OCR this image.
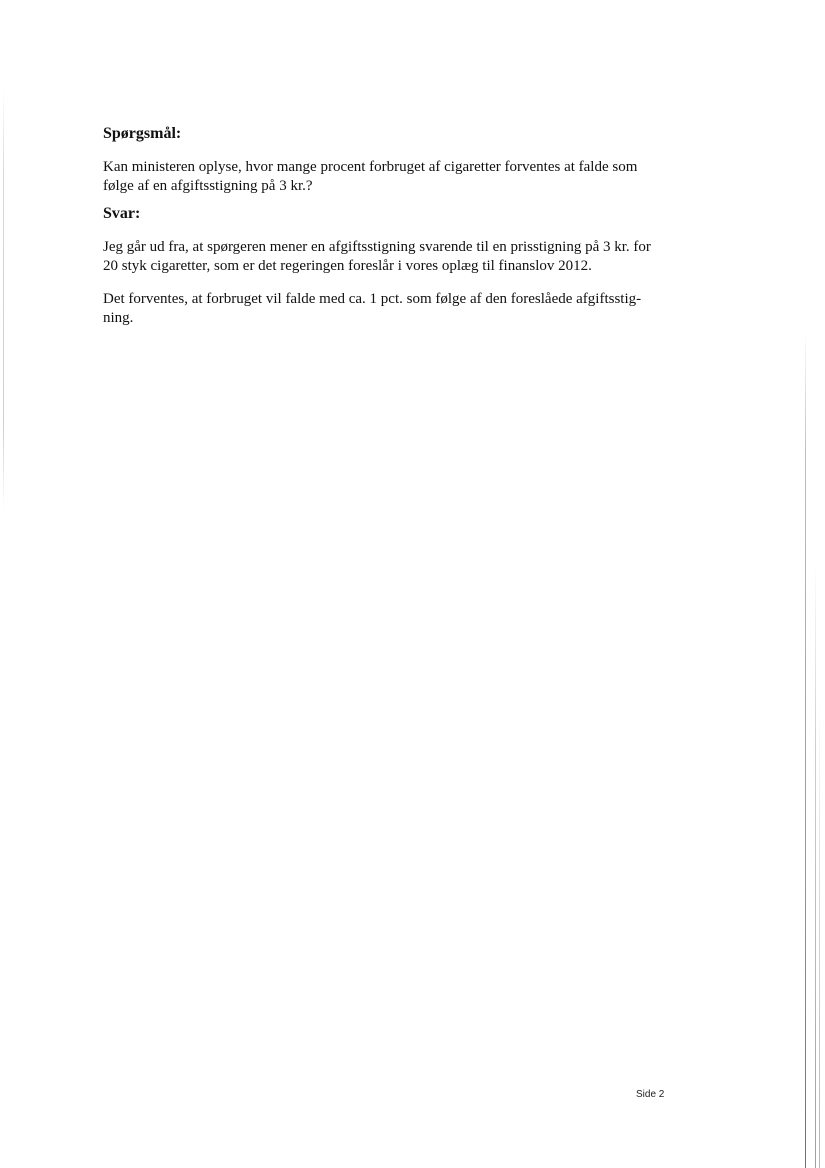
Spørgsmål:

Kan ministeren oplyse, hvor mange procent forbruget af cigaretter forventes at falde som
følge af en afgiftsstigning på 3 kr.?

Svar:

Jeg går ud fra, at spørgeren mener en afgiftsstigning svarende til en prisstigning på 3 kr. for
20 styk cigaretter, som er det regeringen foreslår i vores oplæg til finanslov 2012.

Det forventes, at forbruget vil falde med ca. 1 pct. som følge af den foreslåede afgiftsstig-
ning.

Side 2
